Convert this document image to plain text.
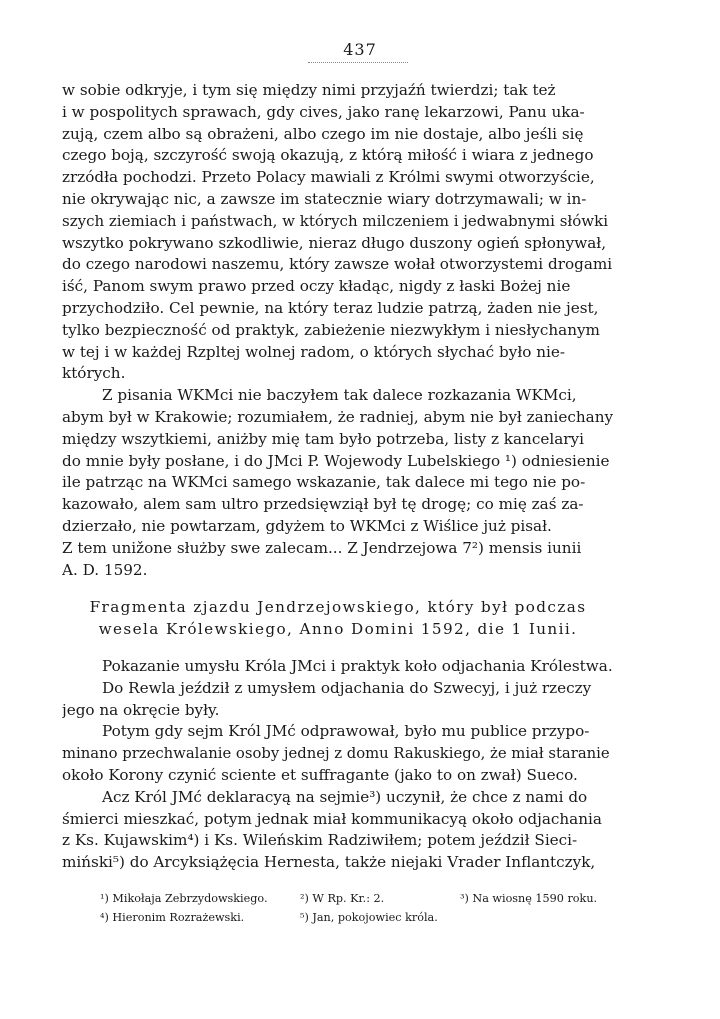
437
w sobie odkryje, i tym się między nimi przyjaźń twierdzi; tak też
i w pospolitych sprawach, gdy cives, jako ranę lekarzowi, Panu uka-
zują, czem albo są obrażeni, albo czego im nie dostaje, albo jeśli się
czego boją, szczyrość swoją okazują, z którą miłość i wiara z jednego
zrzódła pochodzi. Przeto Polacy mawiali z Królmi swymi otworzyście,
nie okrywając nic, a zawsze im statecznie wiary dotrzymawali; w in-
szych ziemiach i państwach, w których milczeniem i jedwabnymi słówki
wszytko pokrywano szkodliwie, nieraz długo duszony ogień spłonywał,
do czego narodowi naszemu, który zawsze wołał otworzystemi drogami
iść, Panom swym prawo przed oczy kładąc, nigdy z łaski Bożej nie
przychodziło. Cel pewnie, na który teraz ludzie patrzą, żaden nie jest,
tylko bezpieczność od praktyk, zabieżenie niezwykłym i niesłychanym
w tej i w każdej Rzpltej wolnej radom, o których słychać było nie-
których.
Z pisania WKMci nie baczyłem tak dalece rozkazania WKMci,
abym był w Krakowie; rozumiałem, że radniej, abym nie był zaniechany
między wszytkiemi, aniżby mię tam było potrzeba, listy z kancelaryi
do mnie były posłane, i do JMci P. Wojewody Lubelskiego ¹) odniesienie
ile patrząc na WKMci samego wskazanie, tak dalece mi tego nie po-
kazowało, alem sam ultro przedsięwziął był tę drogę; co mię zaś za-
dzierzało, nie powtarzam, gdyżem to WKMci z Wiślice już pisał.
Z tem unižone służby swe zalecam... Z Jendrzejowa 7²) mensis iunii
A. D. 1592.
Fragmenta zjazdu Jendrzejowskiego, który był podczas
wesela Królewskiego, Anno Domini 1592, die 1 Iunii.
Pokazanie umysłu Króla JMci i praktyk koło odjachania Królestwa.
Do Rewla jeździł z umysłem odjachania do Szwecyj, i już rzeczy
jego na okręcie były.
Potym gdy sejm Król JMć odprawował, było mu publice przypo-
minano przechwalanie osoby jednej z domu Rakuskiego, że miał staranie
około Korony czynić sciente et suffragante (jako to on zwał) Sueco.
Acz Król JMć deklaracyą na sejmie³) uczynił, że chce z nami do
śmierci mieszkać, potym jednak miał kommunikacyą około odjachania
z Ks. Kujawskim⁴) i Ks. Wileńskim Radziwiłem; potem jeździł Sieci-
miński⁵) do Arcyksiążęcia Hernesta, także niejaki Vrader Inflantczyk,
¹) Mikołaja Zebrzydowskiego.	²) W Rp. Kr.: 2.	³) Na wiosnę 1590 roku.
⁴) Hieronim Rozrażewski.	⁵) Jan, pokojowiec króla.
